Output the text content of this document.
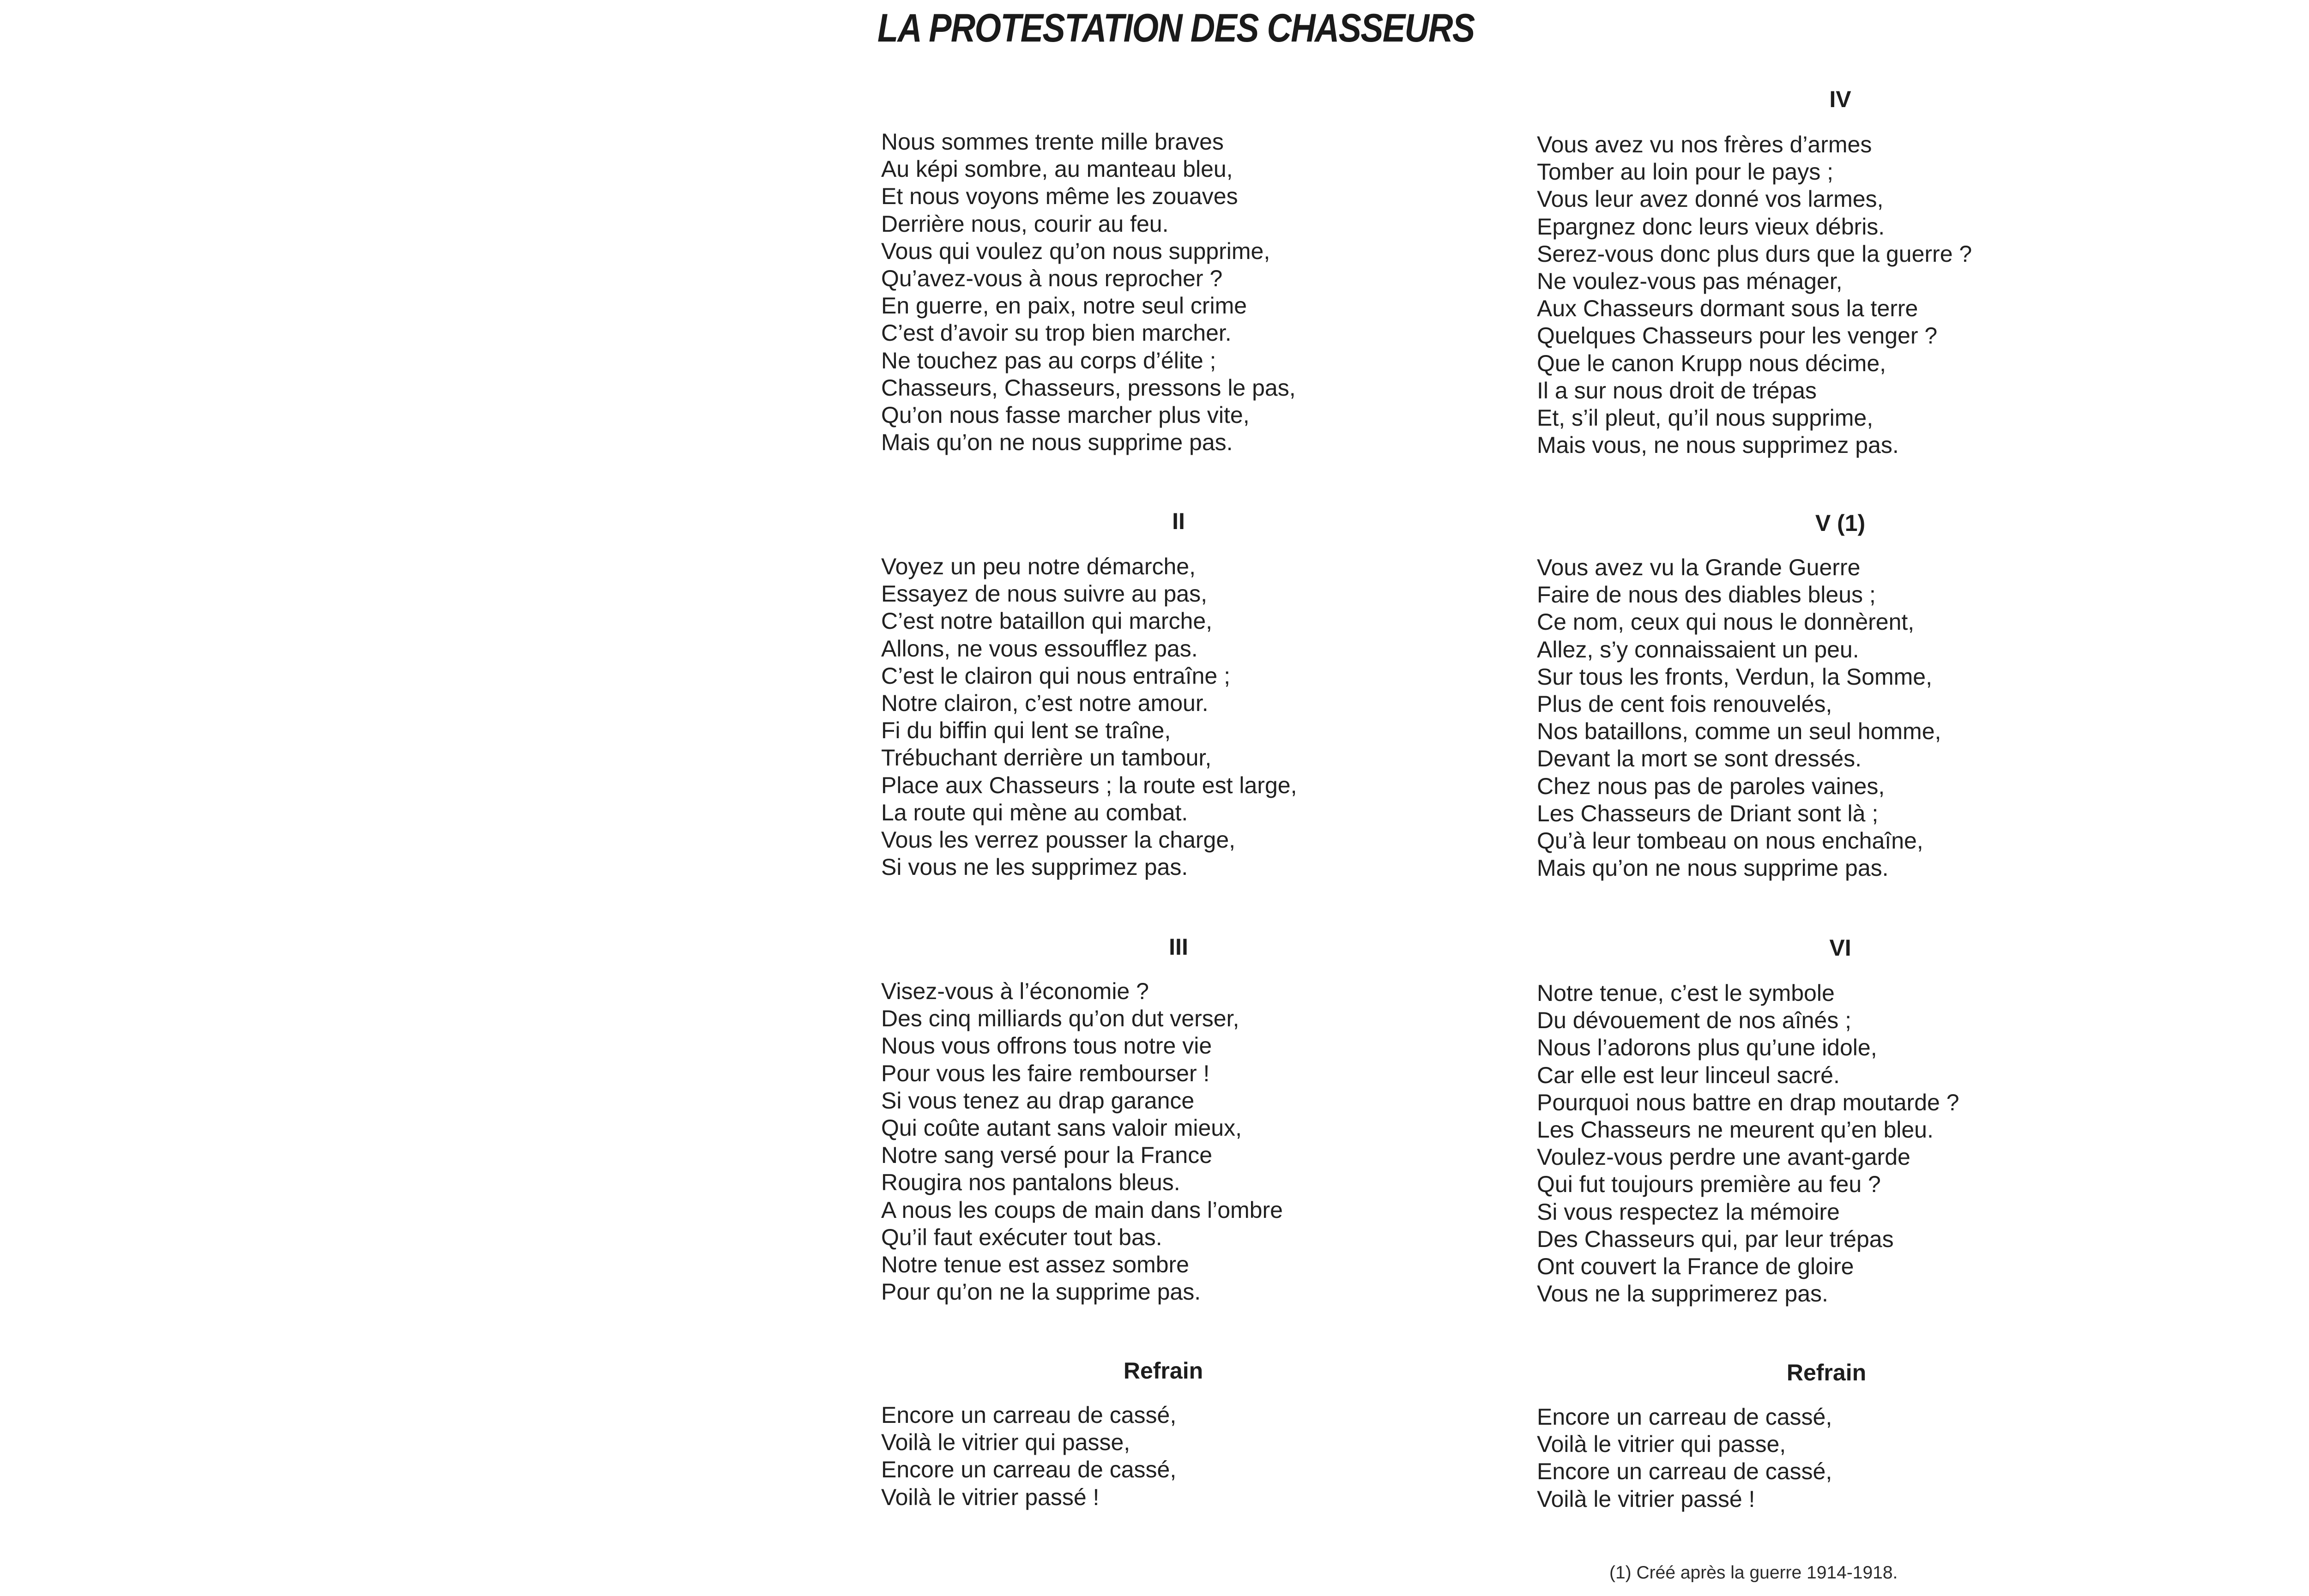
LA PROTESTATION DES CHASSEURS
Nous sommes trente mille braves
Au képi sombre, au manteau bleu,
Et nous voyons même les zouaves
Derrière nous, courir au feu.
Vous qui voulez qu’on nous supprime,
Qu’avez-vous à nous reprocher ?
En guerre, en paix, notre seul crime
C’est d’avoir su trop bien marcher.
Ne touchez pas au corps d’élite ;
Chasseurs, Chasseurs, pressons le pas,
Qu’on nous fasse marcher plus vite,
Mais qu’on ne nous supprime pas.
II
Voyez un peu notre démarche,
Essayez de nous suivre au pas,
C’est notre bataillon qui marche,
Allons, ne vous essoufflez pas.
C’est le clairon qui nous entraîne ;
Notre clairon, c’est notre amour.
Fi du biffin qui lent se traîne,
Trébuchant derrière un tambour,
Place aux Chasseurs ; la route est large,
La route qui mène au combat.
Vous les verrez pousser la charge,
Si vous ne les supprimez pas.
III
Visez-vous à l’économie ?
Des cinq milliards qu’on dut verser,
Nous vous offrons tous notre vie
Pour vous les faire rembourser !
Si vous tenez au drap garance
Qui coûte autant sans valoir mieux,
Notre sang versé pour la France
Rougira nos pantalons bleus.
A nous les coups de main dans l’ombre
Qu’il faut exécuter tout bas.
Notre tenue est assez sombre
Pour qu’on ne la supprime pas.
Refrain
Encore un carreau de cassé,
Voilà le vitrier qui passe,
Encore un carreau de cassé,
Voilà le vitrier passé !
IV
Vous avez vu nos frères d’armes
Tomber au loin pour le pays ;
Vous leur avez donné vos larmes,
Epargnez donc leurs vieux débris.
Serez-vous donc plus durs que la guerre ?
Ne voulez-vous pas ménager,
Aux Chasseurs dormant sous la terre
Quelques Chasseurs pour les venger ?
Que le canon Krupp nous décime,
Il a sur nous droit de trépas
Et, s’il pleut, qu’il nous supprime,
Mais vous, ne nous supprimez pas.
V (1)
Vous avez vu la Grande Guerre
Faire de nous des diables bleus ;
Ce nom, ceux qui nous le donnèrent,
Allez, s’y connaissaient un peu.
Sur tous les fronts, Verdun, la Somme,
Plus de cent fois renouvelés,
Nos bataillons, comme un seul homme,
Devant la mort se sont dressés.
Chez nous pas de paroles vaines,
Les Chasseurs de Driant sont là ;
Qu’à leur tombeau on nous enchaîne,
Mais qu’on ne nous supprime pas.
VI
Notre tenue, c’est le symbole
Du dévouement de nos aînés ;
Nous l’adorons plus qu’une idole,
Car elle est leur linceul sacré.
Pourquoi nous battre en drap moutarde ?
Les Chasseurs ne meurent qu’en bleu.
Voulez-vous perdre une avant-garde
Qui fut toujours première au feu ?
Si vous respectez la mémoire
Des Chasseurs qui, par leur trépas
Ont couvert la France de gloire
Vous ne la supprimerez pas.
Refrain
Encore un carreau de cassé,
Voilà le vitrier qui passe,
Encore un carreau de cassé,
Voilà le vitrier passé !

(1) Créé après la guerre 1914-1918.
